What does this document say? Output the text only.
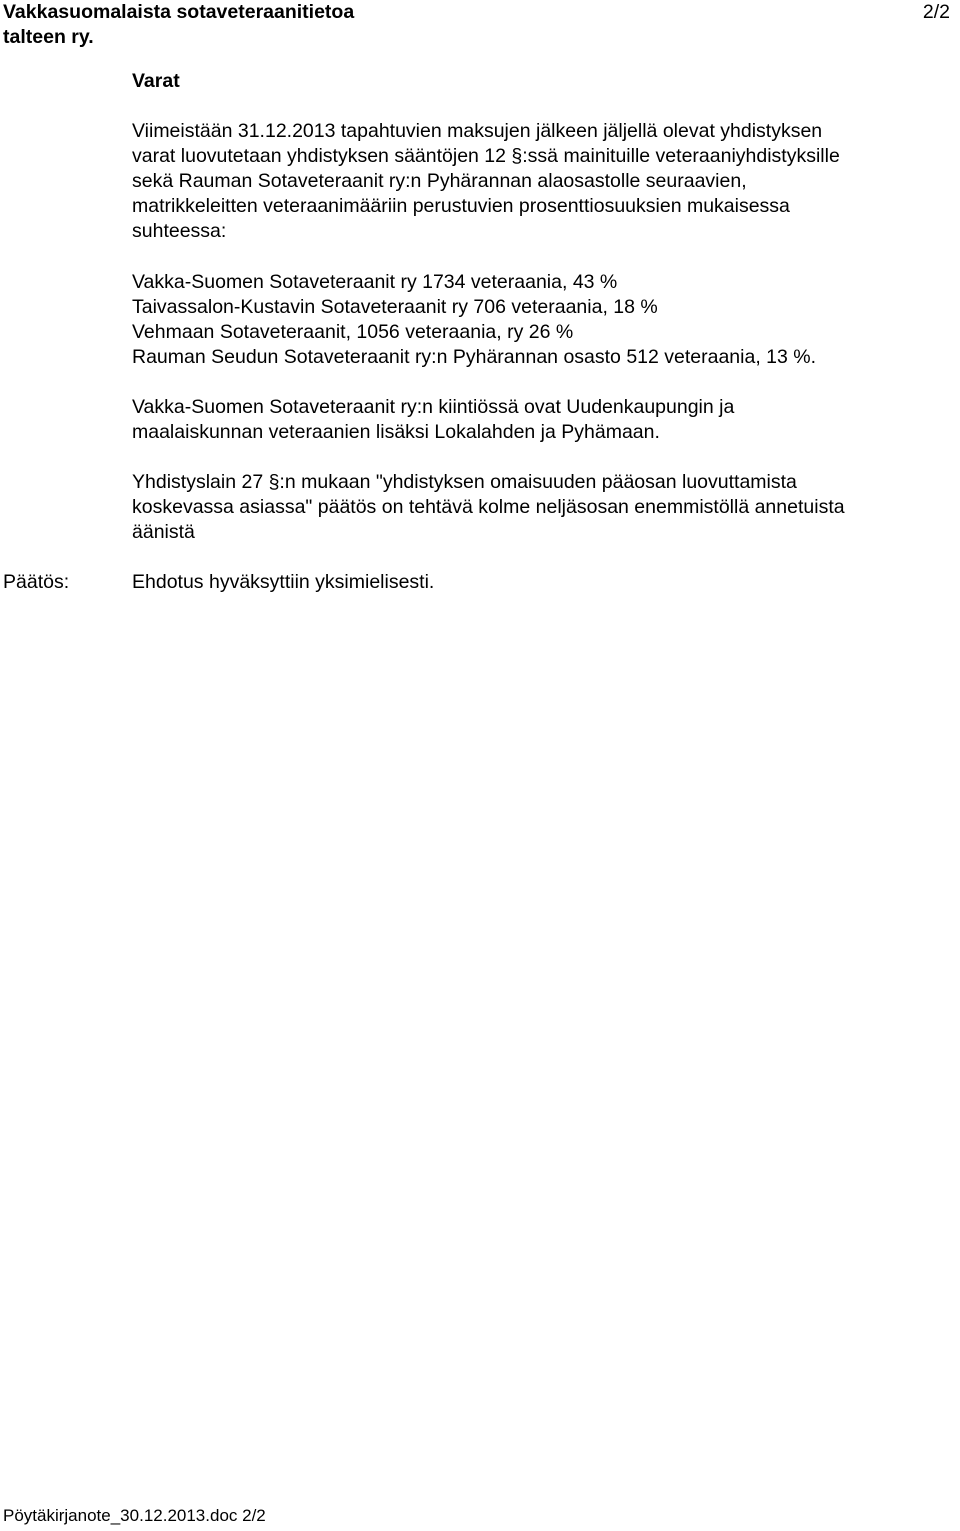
Vakkasuomalaista sotaveteraanitietoa
talteen ry.
2/2
Varat

Viimeistään 31.12.2013 tapahtuvien maksujen jälkeen jäljellä olevat yhdistyksen
varat luovutetaan yhdistyksen sääntöjen 12 §:ssä mainituille veteraaniyhdistyksille
sekä Rauman Sotaveteraanit ry:n Pyhärannan alaosastolle seuraavien,
matrikkeleitten veteraanimääriin perustuvien prosenttiosuuksien mukaisessa
suhteessa:

Vakka-Suomen Sotaveteraanit ry 1734 veteraania, 43 %
Taivassalon-Kustavin Sotaveteraanit ry 706 veteraania, 18 %
Vehmaan Sotaveteraanit, 1056 veteraania, ry 26 %
Rauman Seudun Sotaveteraanit ry:n Pyhärannan osasto 512 veteraania, 13 %.

Vakka-Suomen Sotaveteraanit ry:n kiintiössä ovat Uudenkaupungin ja
maalaiskunnan veteraanien lisäksi Lokalahden ja Pyhämaan.

Yhdistyslain 27 §:n mukaan "yhdistyksen omaisuuden pääosan luovuttamista
koskevassa asiassa" päätös on tehtävä kolme neljäsosan enemmistöllä annetuista
äänistä

Päätös:	Ehdotus hyväksyttiin yksimielisesti.
Pöytäkirjanote_30.12.2013.doc 2/2
